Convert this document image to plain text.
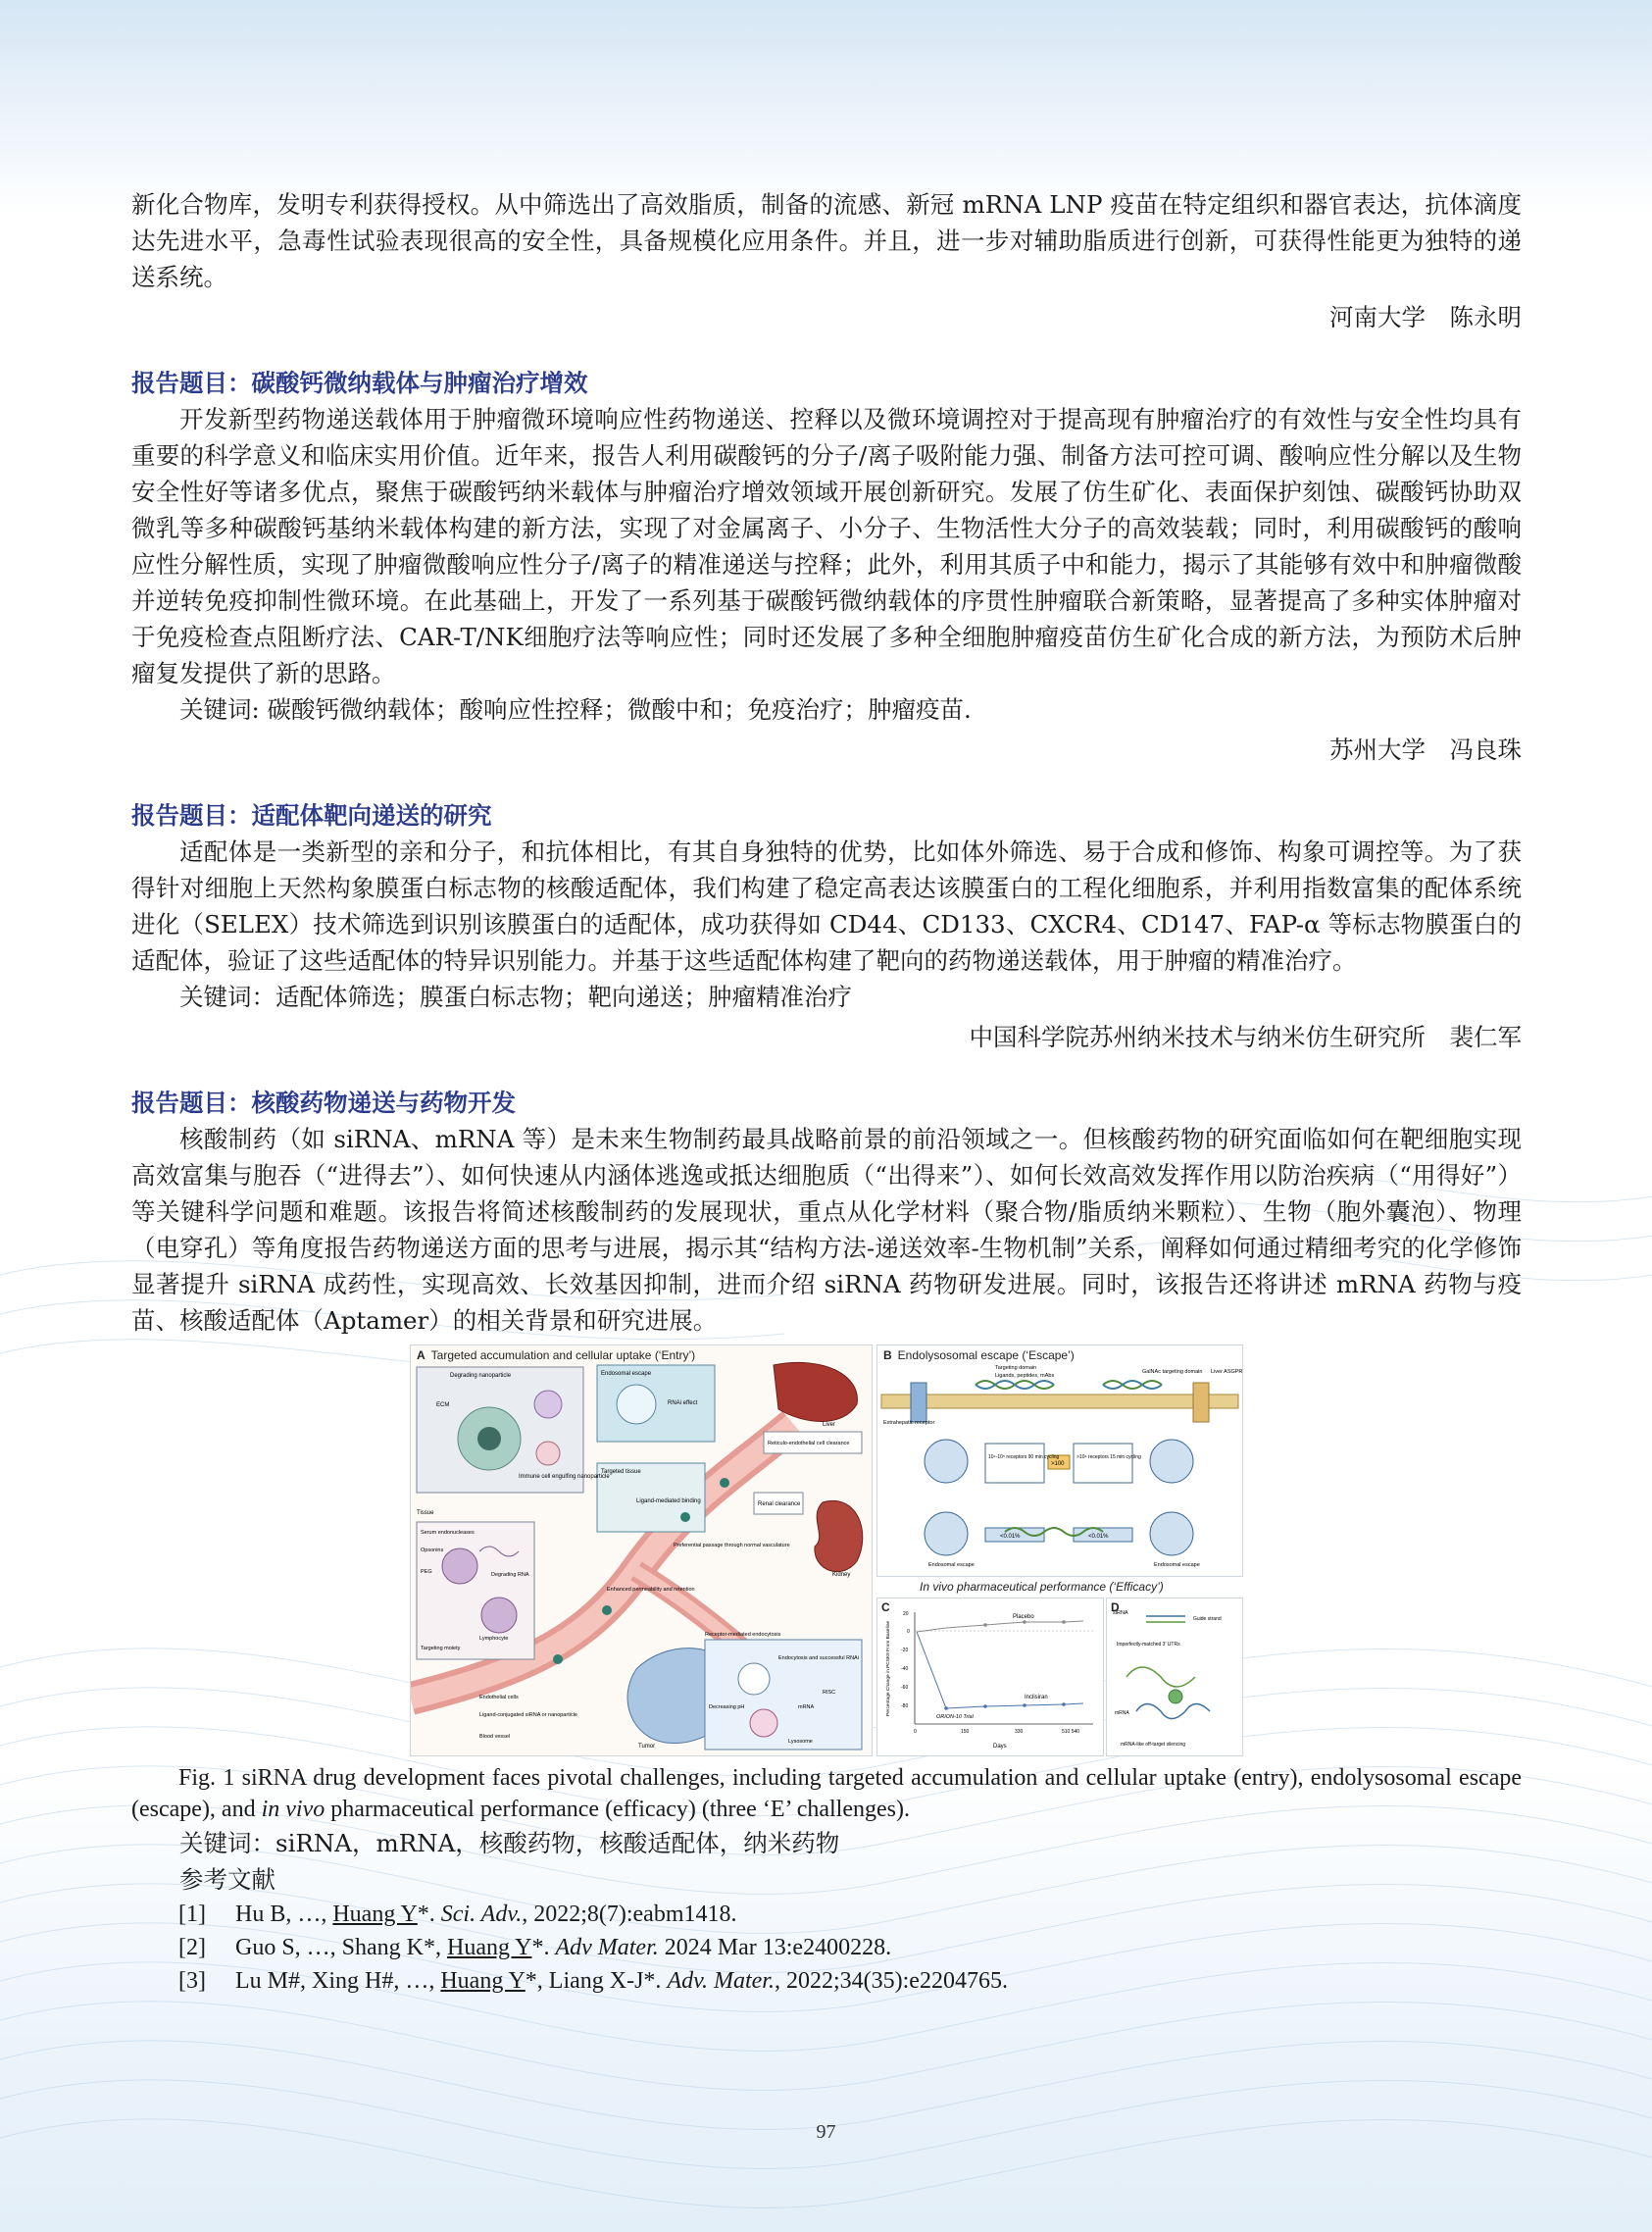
新化合物库，发明专利获得授权。从中筛选出了高效脂质，制备的流感、新冠 mRNA LNP 疫苗在特定组织和器官表达，抗体滴度达先进水平，急毒性试验表现很高的安全性，具备规模化应用条件。并且，进一步对辅助脂质进行创新，可获得性能更为独特的递送系统。

河南大学　陈永明

报告题目：碳酸钙微纳载体与肿瘤治疗增效

开发新型药物递送载体用于肿瘤微环境响应性药物递送、控释以及微环境调控对于提高现有肿瘤治疗的有效性与安全性均具有重要的科学意义和临床实用价值。近年来，报告人利用碳酸钙的分子/离子吸附能力强、制备方法可控可调、酸响应性分解以及生物安全性好等诸多优点，聚焦于碳酸钙纳米载体与肿瘤治疗增效领域开展创新研究。发展了仿生矿化、表面保护刻蚀、碳酸钙协助双微乳等多种碳酸钙基纳米载体构建的新方法，实现了对金属离子、小分子、生物活性大分子的高效装载；同时，利用碳酸钙的酸响应性分解性质，实现了肿瘤微酸响应性分子/离子的精准递送与控释；此外，利用其质子中和能力，揭示了其能够有效中和肿瘤微酸并逆转免疫抑制性微环境。在此基础上，开发了一系列基于碳酸钙微纳载体的序贯性肿瘤联合新策略，显著提高了多种实体肿瘤对于免疫检查点阻断疗法、CAR-T/NK细胞疗法等响应性；同时还发展了多种全细胞肿瘤疫苗仿生矿化合成的新方法，为预防术后肿瘤复发提供了新的思路。

关键词: 碳酸钙微纳载体；酸响应性控释；微酸中和；免疫治疗；肿瘤疫苗.

苏州大学　冯良珠

报告题目：适配体靶向递送的研究

适配体是一类新型的亲和分子，和抗体相比，有其自身独特的优势，比如体外筛选、易于合成和修饰、构象可调控等。为了获得针对细胞上天然构象膜蛋白标志物的核酸适配体，我们构建了稳定高表达该膜蛋白的工程化细胞系，并利用指数富集的配体系统进化（SELEX）技术筛选到识别该膜蛋白的适配体，成功获得如 CD44、CD133、CXCR4、CD147、FAP-α 等标志物膜蛋白的适配体，验证了这些适配体的特异识别能力。并基于这些适配体构建了靶向的药物递送载体，用于肿瘤的精准治疗。

关键词：适配体筛选；膜蛋白标志物；靶向递送；肿瘤精准治疗

中国科学院苏州纳米技术与纳米仿生研究所　裴仁军

报告题目：核酸药物递送与药物开发

核酸制药（如 siRNA、mRNA 等）是未来生物制药最具战略前景的前沿领域之一。但核酸药物的研究面临如何在靶细胞实现高效富集与胞吞（“进得去”）、如何快速从内涵体逃逸或抵达细胞质（“出得来”）、如何长效高效发挥作用以防治疾病（“用得好”）等关键科学问题和难题。该报告将简述核酸制药的发展现状，重点从化学材料（聚合物/脂质纳米颗粒）、生物（胞外囊泡）、物理（电穿孔）等角度报告药物递送方面的思考与进展，揭示其“结构方法-递送效率-生物机制”关系，阐释如何通过精细考究的化学修饰显著提升 siRNA 成药性，实现高效、长效基因抑制，进而介绍 siRNA 药物研发进展。同时，该报告还将讲述 mRNA 药物与疫苗、核酸适配体（Aptamer）的相关背景和研究进展。

A Targeted accumulation and cellular uptake (‘Entry’)
Degrading nanoparticle
ECM
Immune cell engulfing nanoparticle
Endosomal escape
RNAi effect
Liver
Reticulo-endothelial cell clearance
Targeted tissue
Ligand-mediated binding	Renal clearance
Kidney
Tissue
Serum endonucleases
Opsonins
PEG	Degrading RNA
Lymphocyte
Targeting moiety
Preferential passage through normal vasculature
Enhanced permeability and retention
Endothelial cells
Ligand-conjugated siRNA or nanoparticle
Blood vessel
Tumor
Receptor-mediated endocytosis
Endocytosis and successful RNAi
Decreasing pH
RISC
mRNA
Lysosome
B Endolysosomal escape (‘Escape’)
Extrahepatic receptor
Targeting domain
Ligands, peptides, mAbs
GalNAc targeting domain Liver ASGPR
10⁴-10⁵ receptors 90 min cycling
>100
>10⁶ receptors 15 min cycling
<0.01%	<0.01%
Endosomal escape	Endosomal escape
In vivo pharmaceutical performance (‘Efficacy’)
C
Percentage Change in PCSK9 From Baseline
Days
Placebo
Inclisiran
ORION-10 Trial
20
0
-20
-40
-60
-80
0	150	330	510 540
D
siRNA
Guide strand
Imperfectly-matched 3′ UTRs
mRNA
mRNA-like off-target silencing

Fig. 1 siRNA drug development faces pivotal challenges, including targeted accumulation and cellular uptake (entry), endolysosomal escape (escape), and in vivo pharmaceutical performance (efficacy) (three ‘E’ challenges).

关键词：siRNA，mRNA，核酸药物，核酸适配体，纳米药物

参考文献

[1]	Hu B, …, Huang Y*. Sci. Adv., 2022;8(7):eabm1418.
[2]	Guo S, …, Shang K*, Huang Y*. Adv Mater. 2024 Mar 13:e2400228.
[3]	Lu M#, Xing H#, …, Huang Y*, Liang X-J*. Adv. Mater., 2022;34(35):e2204765.
97
